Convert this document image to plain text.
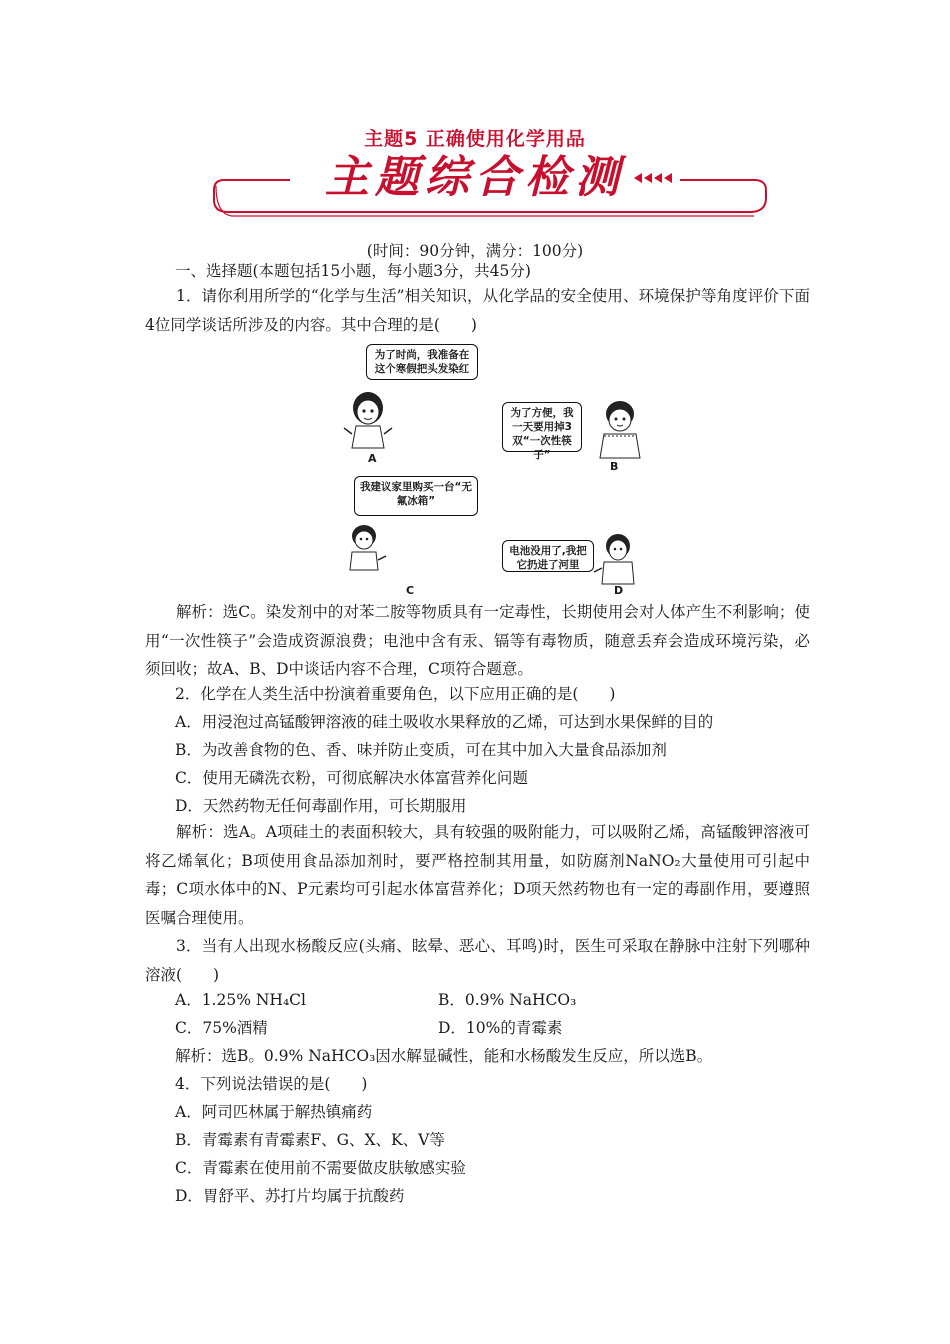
主题5 正确使用化学用品
主题综合检测
(时间：90分钟，满分：100分)
一、选择题(本题包括15小题，每小题3分，共45分)
1．请你利用所学的“化学与生活”相关知识，从化学品的安全使用、环境保护等角度评价下面4位同学谈话所涉及的内容。其中合理的是(　　)
为了时尚，我准备在这个寒假把头发染红
为了方便，我一天要用掉3双“一次性筷子”
我建议家里购买一台“无氟冰箱”
电池没用了,我把它扔进了河里
A
B
C	D
解析：选C。染发剂中的对苯二胺等物质具有一定毒性，长期使用会对人体产生不利影响；使用“一次性筷子”会造成资源浪费；电池中含有汞、镉等有毒物质，随意丢弃会造成环境污染，必须回收；故A、B、D中谈话内容不合理，C项符合题意。
2．化学在人类生活中扮演着重要角色，以下应用正确的是(　　)
A．用浸泡过高锰酸钾溶液的硅土吸收水果释放的乙烯，可达到水果保鲜的目的
B．为改善食物的色、香、味并防止变质，可在其中加入大量食品添加剂
C．使用无磷洗衣粉，可彻底解决水体富营养化问题
D．天然药物无任何毒副作用，可长期服用
解析：选A。A项硅土的表面积较大，具有较强的吸附能力，可以吸附乙烯，高锰酸钾溶液可将乙烯氧化；B项使用食品添加剂时，要严格控制其用量，如防腐剂NaNO₂大量使用可引起中毒；C项水体中的N、P元素均可引起水体富营养化；D项天然药物也有一定的毒副作用，要遵照医嘱合理使用。
3．当有人出现水杨酸反应(头痛、眩晕、恶心、耳鸣)时，医生可采取在静脉中注射下列哪种溶液(　　)
A．1.25% NH₄Cl	B．0.9% NaHCO₃
C．75%酒精	D．10%的青霉素
解析：选B。0.9% NaHCO₃因水解显碱性，能和水杨酸发生反应，所以选B。
4．下列说法错误的是(　　)
A．阿司匹林属于解热镇痛药
B．青霉素有青霉素F、G、X、K、V等
C．青霉素在使用前不需要做皮肤敏感实验
D．胃舒平、苏打片均属于抗酸药
